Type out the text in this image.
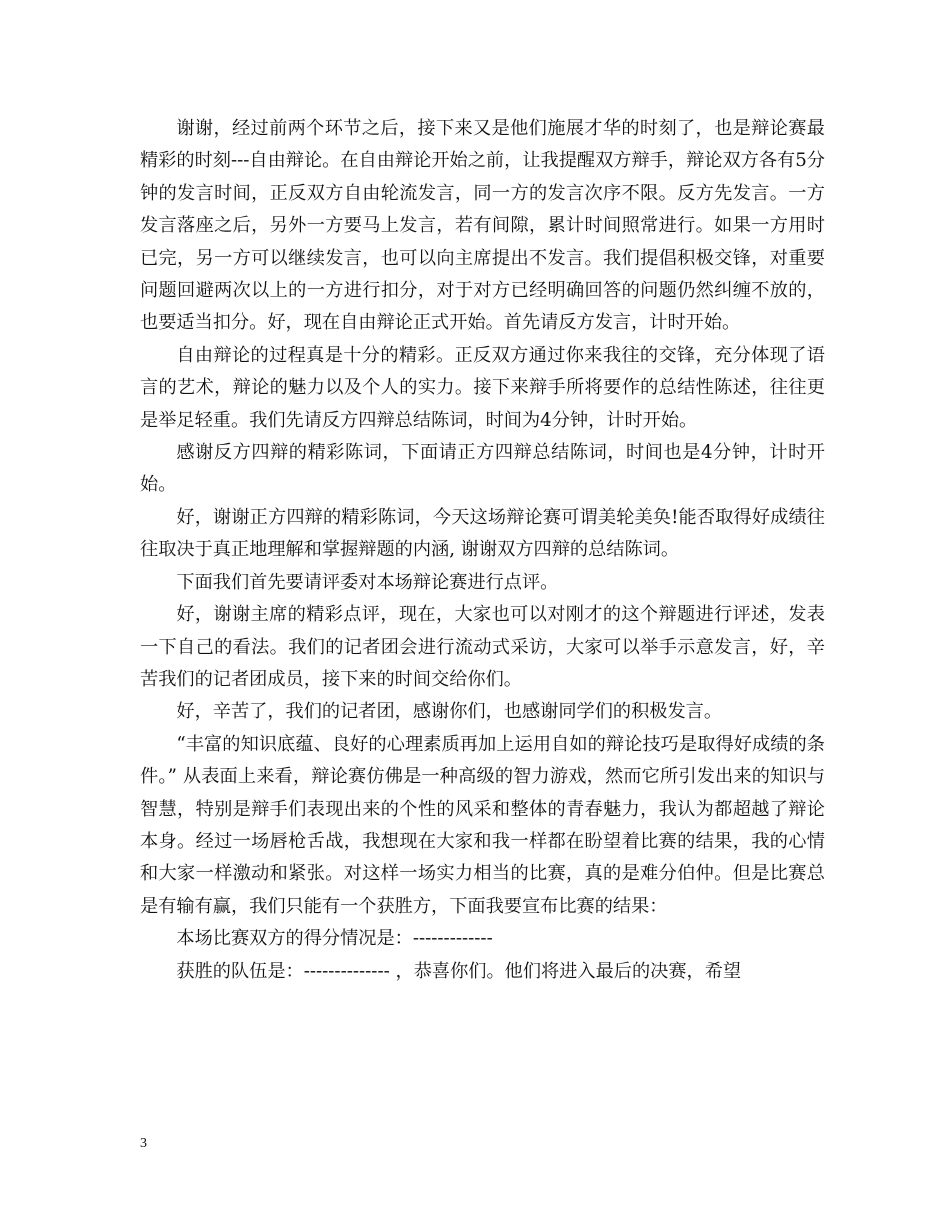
谢谢，经过前两个环节之后，接下来又是他们施展才华的时刻了，也是辩论赛最精彩的时刻---自由辩论。在自由辩论开始之前，让我提醒双方辩手，辩论双方各有5分钟的发言时间，正反双方自由轮流发言，同一方的发言次序不限。反方先发言。一方发言落座之后，另外一方要马上发言，若有间隙，累计时间照常进行。如果一方用时已完，另一方可以继续发言，也可以向主席提出不发言。我们提倡积极交锋，对重要问题回避两次以上的一方进行扣分，对于对方已经明确回答的问题仍然纠缠不放的，也要适当扣分。好，现在自由辩论正式开始。首先请反方发言，计时开始。

自由辩论的过程真是十分的精彩。正反双方通过你来我往的交锋，充分体现了语言的艺术，辩论的魅力以及个人的实力。接下来辩手所将要作的总结性陈述，往往更是举足轻重。我们先请反方四辩总结陈词，时间为4分钟，计时开始。

感谢反方四辩的精彩陈词，下面请正方四辩总结陈词，时间也是4分钟，计时开始。

好，谢谢正方四辩的精彩陈词，今天这场辩论赛可谓美轮美奂!能否取得好成绩往往取决于真正地理解和掌握辩题的内涵, 谢谢双方四辩的总结陈词。

下面我们首先要请评委对本场辩论赛进行点评。

好，谢谢主席的精彩点评，现在，大家也可以对刚才的这个辩题进行评述，发表一下自己的看法。我们的记者团会进行流动式采访，大家可以举手示意发言，好，辛苦我们的记者团成员，接下来的时间交给你们。

好，辛苦了，我们的记者团，感谢你们，也感谢同学们的积极发言。

“丰富的知识底蕴、良好的心理素质再加上运用自如的辩论技巧是取得好成绩的条件。” 从表面上来看，辩论赛仿佛是一种高级的智力游戏，然而它所引发出来的知识与智慧，特别是辩手们表现出来的个性的风采和整体的青春魅力，我认为都超越了辩论本身。经过一场唇枪舌战，我想现在大家和我一样都在盼望着比赛的结果，我的心情和大家一样激动和紧张。对这样一场实力相当的比赛，真的是难分伯仲。但是比赛总是有输有赢，我们只能有一个获胜方，下面我要宣布比赛的结果：

本场比赛双方的得分情况是：-------------

获胜的队伍是：-------------- ，恭喜你们。他们将进入最后的决赛，希望

3
